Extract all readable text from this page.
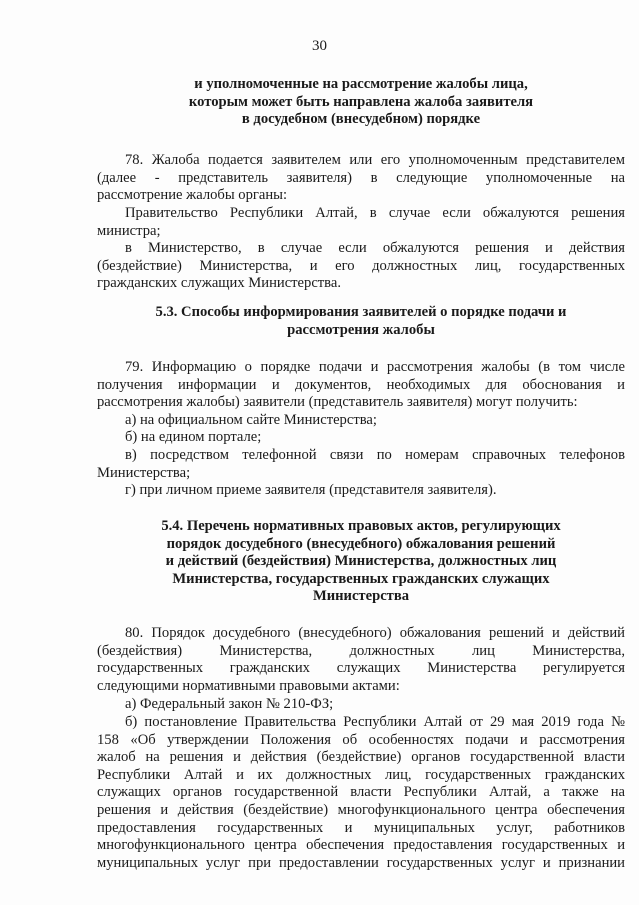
30
и уполномоченные на рассмотрение жалобы лица,
которым может быть направлена жалоба заявителя
в досудебном (внесудебном) порядке
78. Жалоба подается заявителем или его уполномоченным представителем
(далее - представитель заявителя) в следующие уполномоченные на
рассмотрение жалобы органы:
Правительство Республики Алтай, в случае если обжалуются решения
министра;
в Министерство, в случае если обжалуются решения и действия
(бездействие) Министерства, и его должностных лиц, государственных
гражданских служащих Министерства.
5.3. Способы информирования заявителей о порядке подачи и
рассмотрения жалобы
79. Информацию о порядке подачи и рассмотрения жалобы (в том числе
получения информации и документов, необходимых для обоснования и
рассмотрения жалобы) заявители (представитель заявителя) могут получить:
а) на официальном сайте Министерства;
б) на едином портале;
в) посредством телефонной связи по номерам справочных телефонов
Министерства;
г) при личном приеме заявителя (представителя заявителя).
5.4. Перечень нормативных правовых актов, регулирующих
порядок досудебного (внесудебного) обжалования решений
и действий (бездействия) Министерства, должностных лиц
Министерства, государственных гражданских служащих
Министерства
80. Порядок досудебного (внесудебного) обжалования решений и действий
(бездействия) Министерства, должностных лиц Министерства,
государственных гражданских служащих Министерства регулируется
следующими нормативными правовыми актами:
а) Федеральный закон № 210-ФЗ;
б) постановление Правительства Республики Алтай от 29 мая 2019 года №
158 «Об утверждении Положения об особенностях подачи и рассмотрения
жалоб на решения и действия (бездействие) органов государственной власти
Республики Алтай и их должностных лиц, государственных гражданских
служащих органов государственной власти Республики Алтай, а также на
решения и действия (бездействие) многофункционального центра обеспечения
предоставления государственных и муниципальных услуг, работников
многофункционального центра обеспечения предоставления государственных и
муниципальных услуг при предоставлении государственных услуг и признании
